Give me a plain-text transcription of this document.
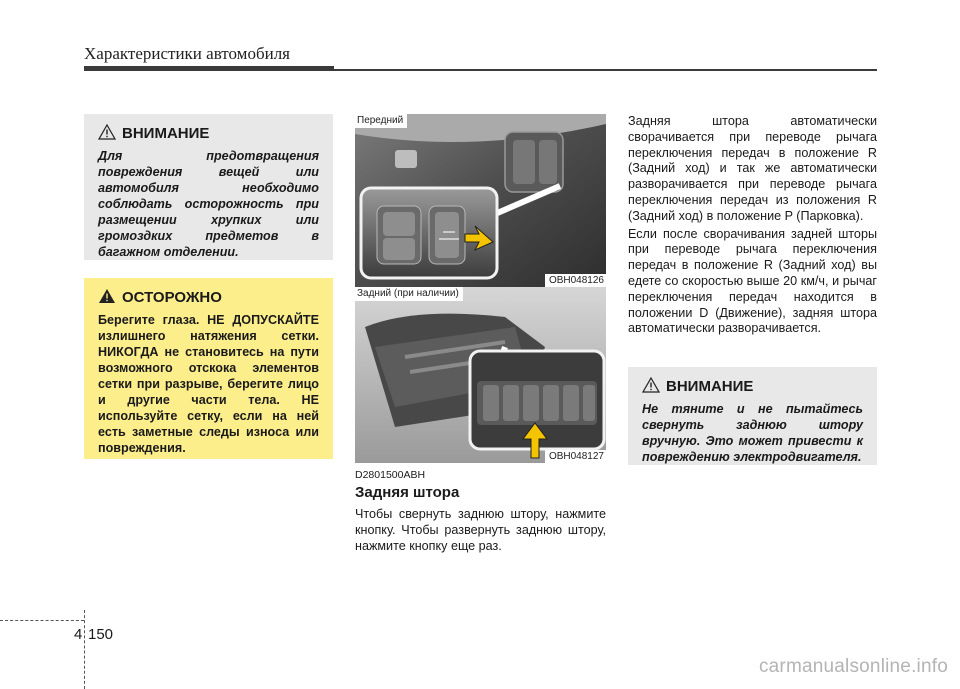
Характеристики автомобиля
ВНИМАНИЕ

Для предотвращения повреждения вещей или автомобиля необходимо соблюдать осторожность при размещении хрупких или громоздких предметов в багажном отделении.

ОСТОРОЖНО

Берегите глаза. НЕ ДОПУСКАЙТЕ излишнего натяжения сетки. НИКОГДА не становитесь на пути возможного отскока элементов сетки при разрыве, берегите лицо и другие части тела. НЕ используйте сетку, если на ней есть заметные следы износа или повреждения.

Передний
OBH048126
Задний (при наличии)
OBH048127
D2801500ABH
Задняя штора

Чтобы свернуть заднюю штору, нажмите кнопку. Чтобы развернуть заднюю штору, нажмите кнопку еще раз.

Задняя штора автоматически сворачивается при переводе рычага переключения передач в положение R (Задний ход) и так же автоматически разворачивается при переводе рычага переключения передач из положения R (Задний ход) в положение P (Парковка).

Если после сворачивания задней шторы при переводе рычага переключения передач в положение R (Задний ход) вы едете со скоростью выше 20 км/ч, и рычаг переключения передач находится в положении D (Движение), задняя штора автоматически разворачивается.

ВНИМАНИЕ

Не тяните и не пытайтесь свернуть заднюю штору вручную. Это может привести к повреждению электродвигателя.

4 150
carmanualsonline.info
